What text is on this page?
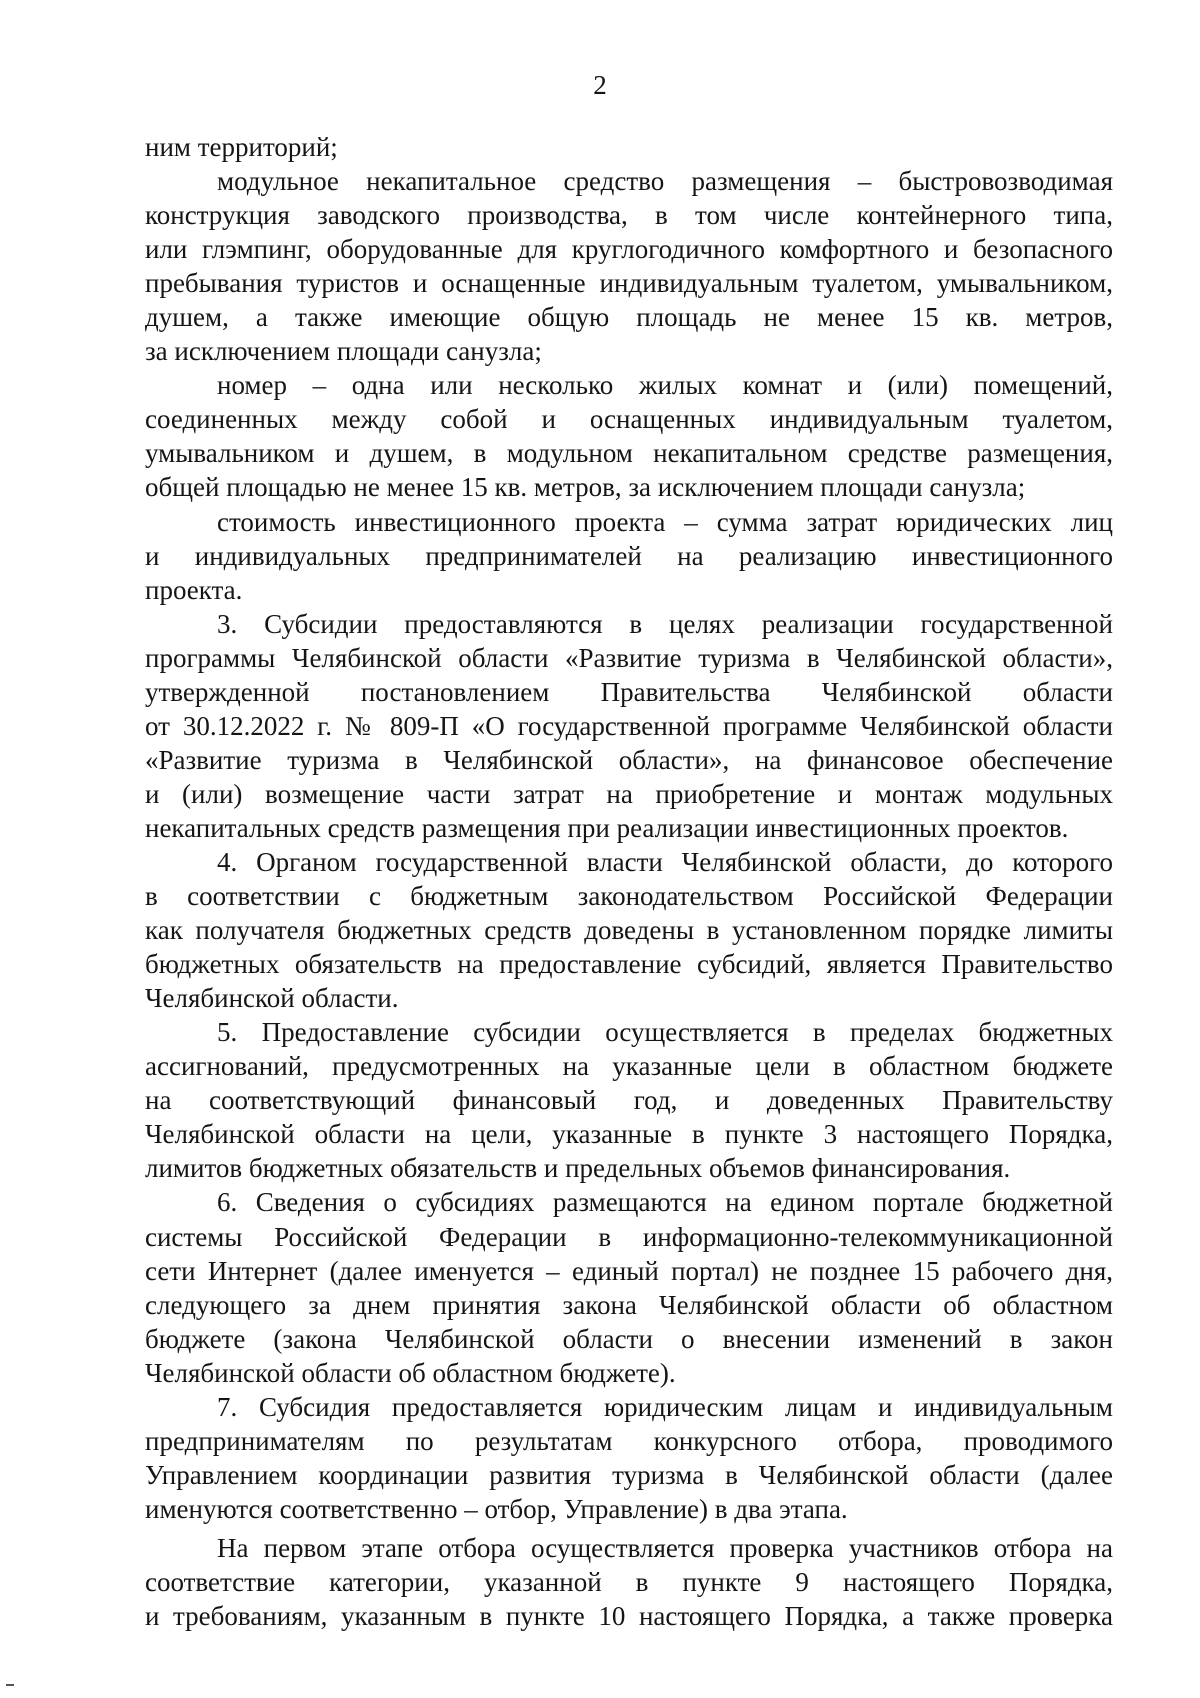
2
ним территорий;
модульное некапитальное средство размещения – быстровозводимая
конструкция заводского производства, в том числе контейнерного типа,
или глэмпинг, оборудованные для круглогодичного комфортного и безопасного
пребывания туристов и оснащенные индивидуальным туалетом, умывальником,
душем, а также имеющие общую площадь не менее 15 кв. метров,
за исключением площади санузла;
номер – одна или несколько жилых комнат и (или) помещений,
соединенных между собой и оснащенных индивидуальным туалетом,
умывальником и душем, в модульном некапитальном средстве размещения,
общей площадью не менее 15 кв. метров, за исключением площади санузла;
стоимость инвестиционного проекта – сумма затрат юридических лиц
и индивидуальных предпринимателей на реализацию инвестиционного
проекта.
3. Субсидии предоставляются в целях реализации государственной
программы Челябинской области «Развитие туризма в Челябинской области»,
утвержденной постановлением Правительства Челябинской области
от 30.12.2022 г. № 809-П «О государственной программе Челябинской области
«Развитие туризма в Челябинской области», на финансовое обеспечение
и (или) возмещение части затрат на приобретение и монтаж модульных
некапитальных средств размещения при реализации инвестиционных проектов.
4. Органом государственной власти Челябинской области, до которого
в соответствии с бюджетным законодательством Российской Федерации
как получателя бюджетных средств доведены в установленном порядке лимиты
бюджетных обязательств на предоставление субсидий, является Правительство
Челябинской области.
5. Предоставление субсидии осуществляется в пределах бюджетных
ассигнований, предусмотренных на указанные цели в областном бюджете
на соответствующий финансовый год, и доведенных Правительству
Челябинской области на цели, указанные в пункте 3 настоящего Порядка,
лимитов бюджетных обязательств и предельных объемов финансирования.
6. Сведения о субсидиях размещаются на едином портале бюджетной
системы Российской Федерации в информационно-телекоммуникационной
сети Интернет (далее именуется – единый портал) не позднее 15 рабочего дня,
следующего за днем принятия закона Челябинской области об областном
бюджете (закона Челябинской области о внесении изменений в закон
Челябинской области об областном бюджете).
7. Субсидия предоставляется юридическим лицам и индивидуальным
предпринимателям по результатам конкурсного отбора, проводимого
Управлением координации развития туризма в Челябинской области (далее
именуются соответственно – отбор, Управление) в два этапа.
На первом этапе отбора осуществляется проверка участников отбора на
соответствие категории, указанной в пункте 9 настоящего Порядка,
и требованиям, указанным в пункте 10 настоящего Порядка, а также проверка
